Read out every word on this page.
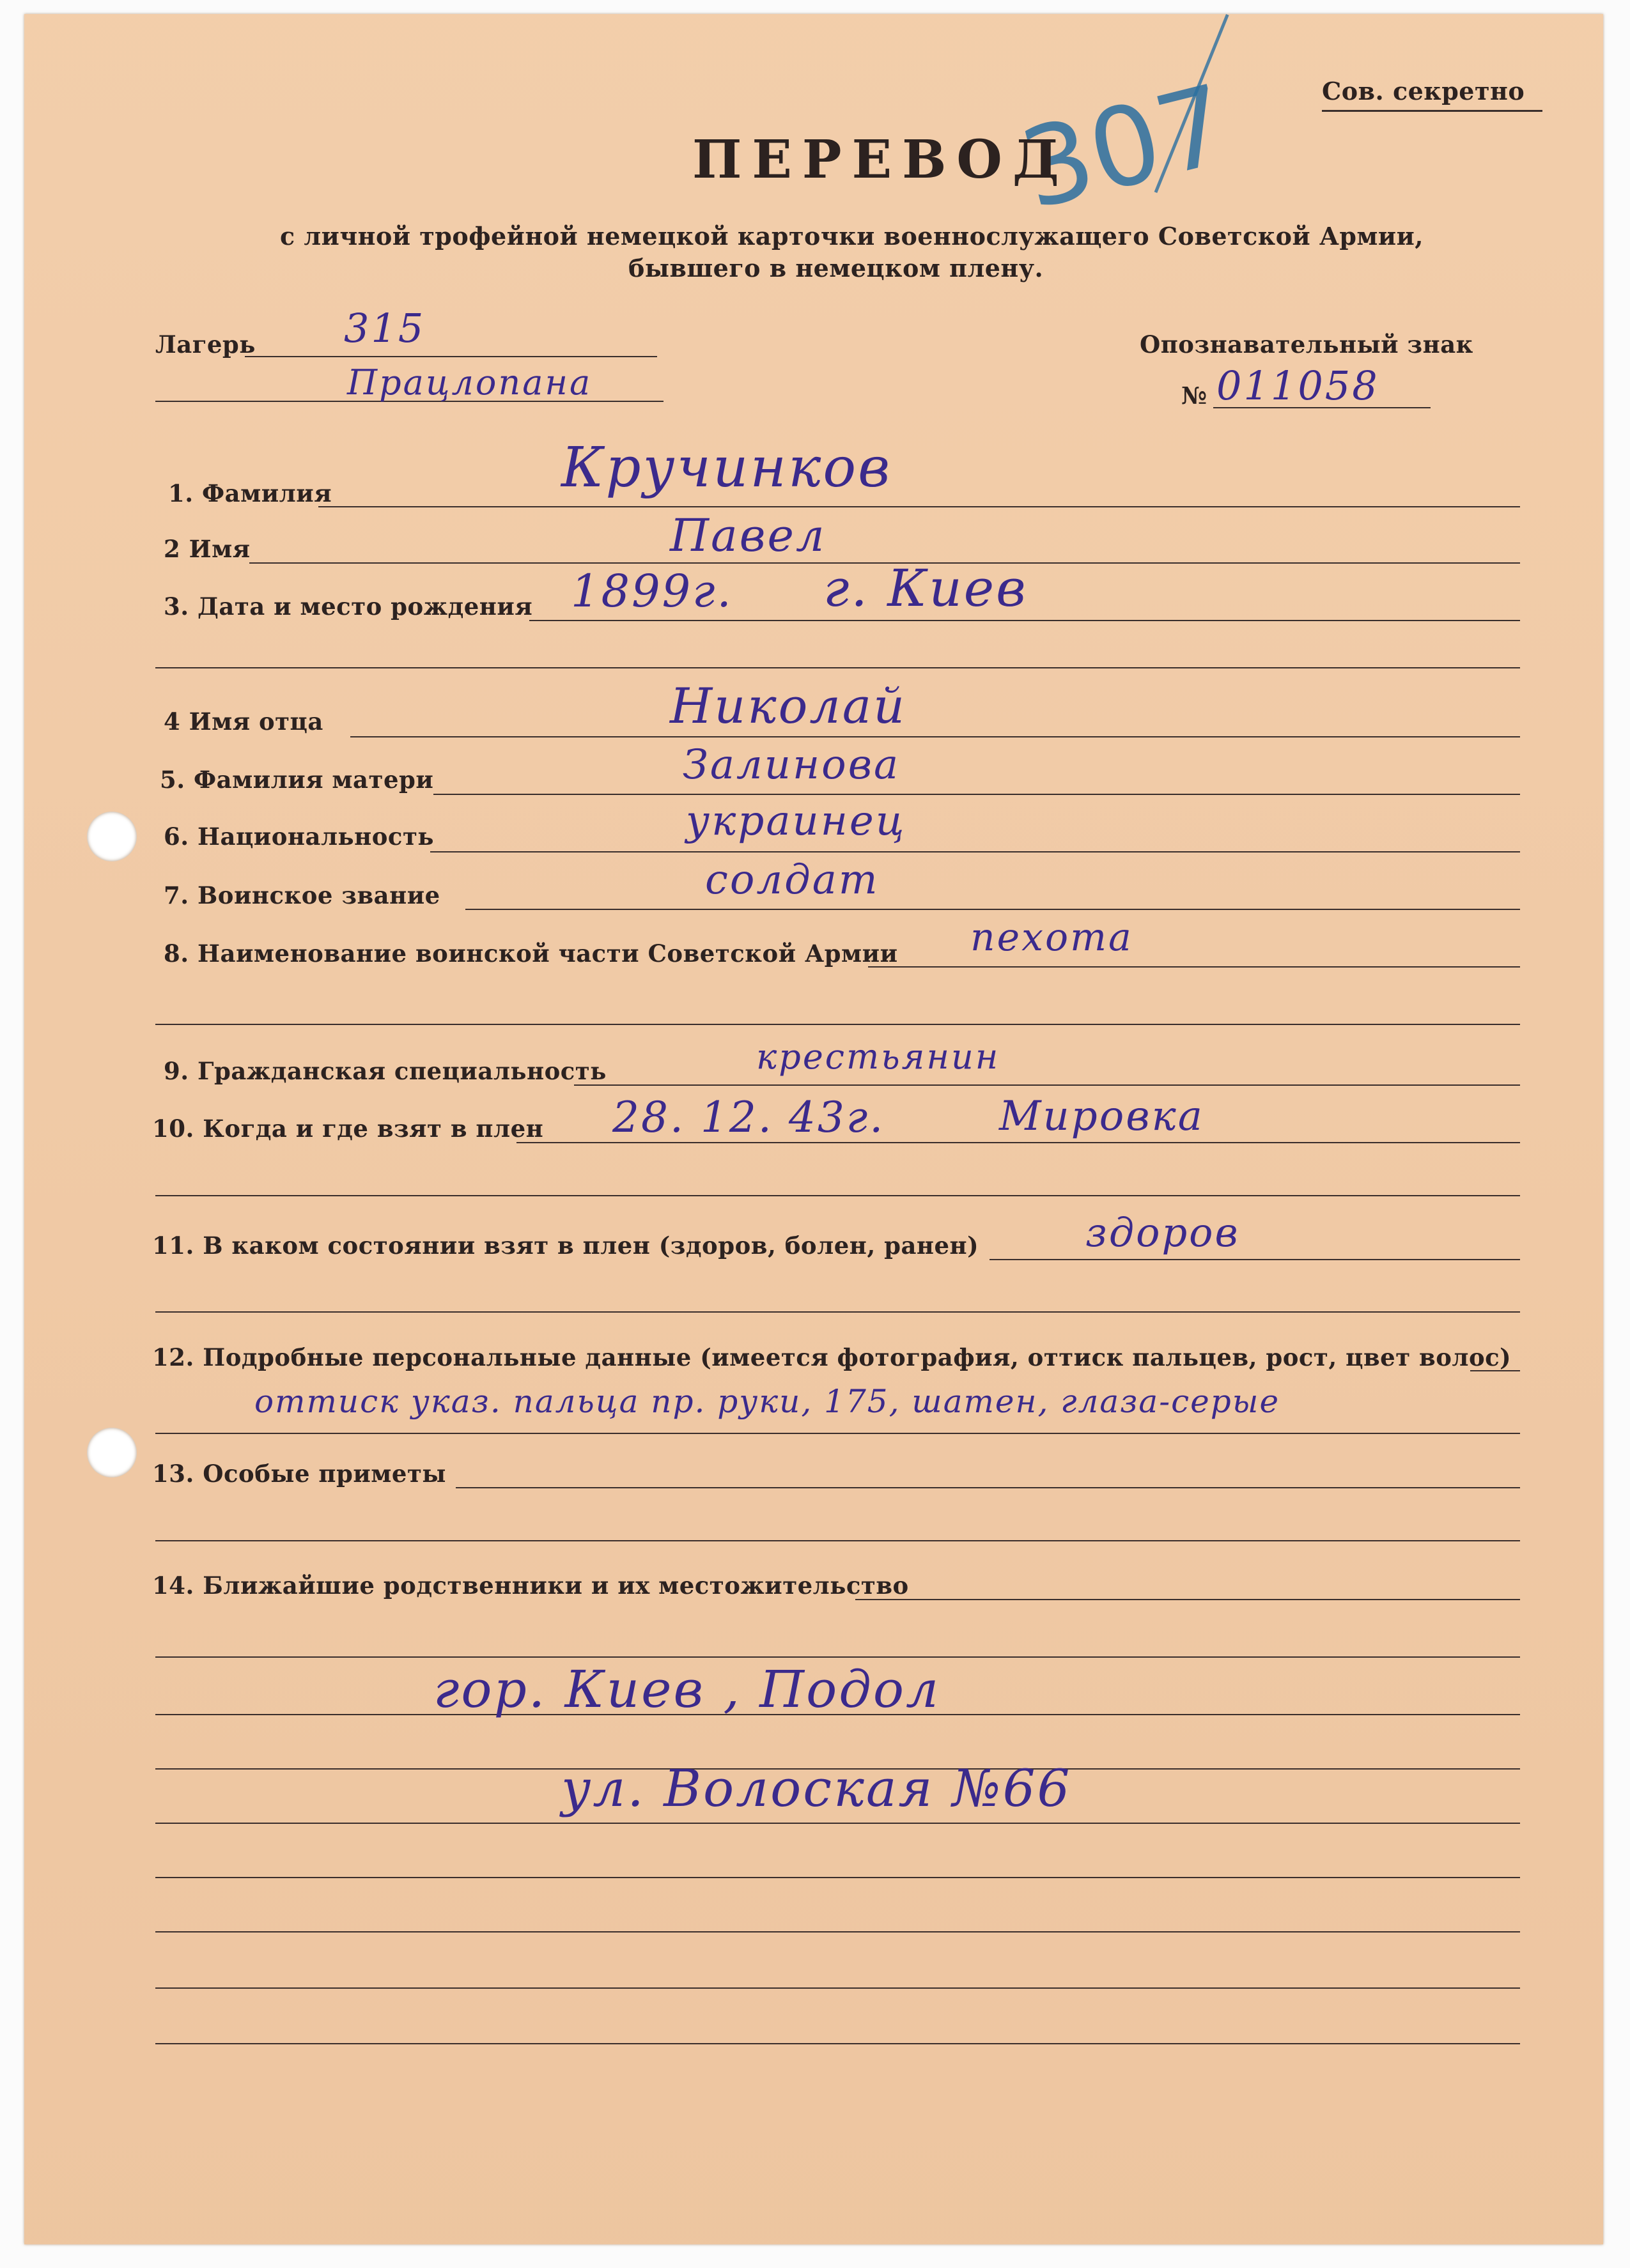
Сов. секретно
307
ПЕРЕВОД
с личной трофейной немецкой карточки военнослужащего Советской Армии,
бывшего в немецком плену.
Лагерь 315
Працлопана
Опознавательный знак
№ 011058
1. Фамилия	Кручинков
2 Имя	Павел
3. Дата и место рождения 1899г. г. Киев
4 Имя отца	Николай
5. Фамилия матери	Залинова
6. Национальность	украинец
7. Воинское звание	солдат
8. Наименование воинской части Советской Армии пехота
9. Гражданская специальность	крестьянин
10. Когда и где взят в плен 28. 12. 43г.	Мировка
11. В каком состоянии взят в плен (здоров, болен, ранен)	здоров
12. Подробные персональные данные (имеется фотография, оттиск пальцев, рост, цвет волос)
оттиск указ. пальца пр. руки, 175, шатен, глаза-серые
13. Особые приметы
14. Ближайшие родственники и их местожительство
гор. Киев , Подол
ул. Волоская №66
